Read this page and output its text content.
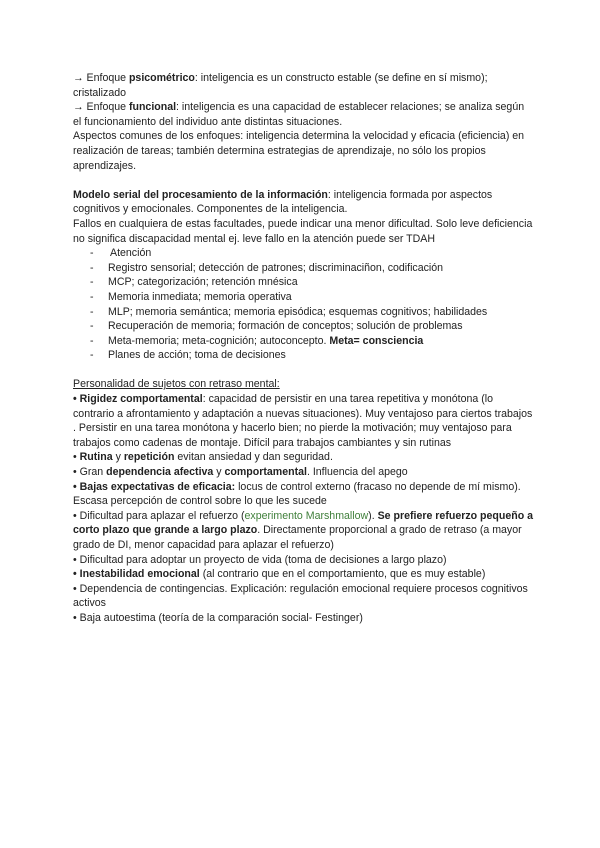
→ Enfoque psicométrico: inteligencia es un constructo estable (se define en sí mismo); cristalizado

→ Enfoque funcional: inteligencia es una capacidad de establecer relaciones; se analiza según el funcionamiento del individuo ante distintas situaciones.

Aspectos comunes de los enfoques: inteligencia determina la velocidad y eficacia (eficiencia) en realización de tareas; también determina estrategias de aprendizaje, no sólo los propios aprendizajes.

Modelo serial del procesamiento de la información: inteligencia formada por aspectos cognitivos y emocionales. Componentes de la inteligencia.

Fallos en cualquiera de estas facultades, puede indicar una menor dificultad. Solo leve deficiencia no significa discapacidad mental ej. leve fallo en la atención puede ser TDAH

- Atención
- Registro sensorial; detección de patrones; discriminaciñon, codificación
- MCP; categorización; retención mnésica
- Memoria inmediata; memoria operativa
- MLP; memoria semántica; memoria episódica; esquemas cognitivos; habilidades
- Recuperación de memoria; formación de conceptos; solución de problemas
- Meta-memoria; meta-cognición; autoconcepto. Meta= consciencia
- Planes de acción; toma de decisiones

Personalidad de sujetos con retraso mental:

• Rigidez comportamental: capacidad de persistir en una tarea repetitiva y monótona (lo contrario a afrontamiento y adaptación a nuevas situaciones). Muy ventajoso para ciertos trabajos . Persistir en una tarea monótona y hacerlo bien; no pierde la motivación; muy ventajoso para trabajos como cadenas de montaje. Difícil para trabajos cambiantes y sin rutinas

• Rutina y repetición evitan ansiedad y dan seguridad.

• Gran dependencia afectiva y comportamental. Influencia del apego

• Bajas expectativas de eficacia: locus de control externo (fracaso no depende de mí mismo). Escasa percepción de control sobre lo que les sucede

• Dificultad para aplazar el refuerzo (experimento Marshmallow). Se prefiere refuerzo pequeño a corto plazo que grande a largo plazo. Directamente proporcional a grado de retraso (a mayor grado de DI, menor capacidad para aplazar el refuerzo)

• Dificultad para adoptar un proyecto de vida (toma de decisiones a largo plazo)

• Inestabilidad emocional (al contrario que en el comportamiento, que es muy estable)

• Dependencia de contingencias. Explicación: regulación emocional requiere procesos cognitivos activos

• Baja autoestima (teoría de la comparación social- Festinger)
